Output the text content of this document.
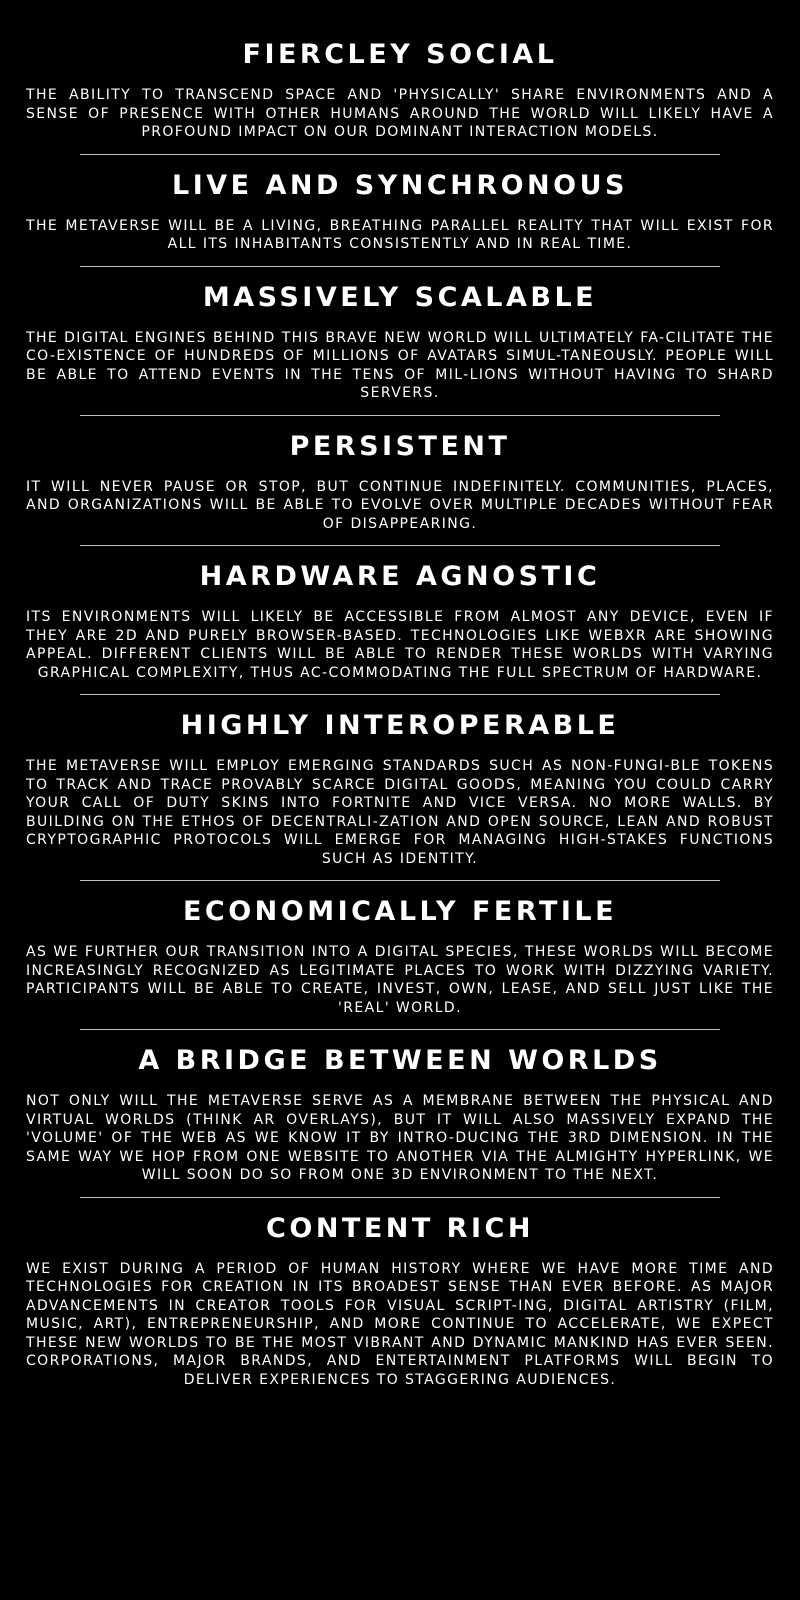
FIERCLEY SOCIAL

THE ABILITY TO TRANSCEND SPACE AND 'PHYSICALLY' SHARE ENVIRONMENTS AND A SENSE OF PRESENCE WITH OTHER HUMANS AROUND THE WORLD WILL LIKELY HAVE A PROFOUND IMPACT ON OUR DOMINANT INTERACTION MODELS.

LIVE AND SYNCHRONOUS

THE METAVERSE WILL BE A LIVING, BREATHING PARALLEL REALITY THAT WILL EXIST FOR ALL ITS INHABITANTS CONSISTENTLY AND IN REAL TIME.

MASSIVELY SCALABLE

THE DIGITAL ENGINES BEHIND THIS BRAVE NEW WORLD WILL ULTIMATELY FA-CILITATE THE CO-EXISTENCE OF HUNDREDS OF MILLIONS OF AVATARS SIMUL-TANEOUSLY. PEOPLE WILL BE ABLE TO ATTEND EVENTS IN THE TENS OF MIL-LIONS WITHOUT HAVING TO SHARD SERVERS.

PERSISTENT

IT WILL NEVER PAUSE OR STOP, BUT CONTINUE INDEFINITELY. COMMUNITIES, PLACES, AND ORGANIZATIONS WILL BE ABLE TO EVOLVE OVER MULTIPLE DECADES WITHOUT FEAR OF DISAPPEARING.

HARDWARE AGNOSTIC

ITS ENVIRONMENTS WILL LIKELY BE ACCESSIBLE FROM ALMOST ANY DEVICE, EVEN IF THEY ARE 2D AND PURELY BROWSER-BASED. TECHNOLOGIES LIKE WEBXR ARE SHOWING APPEAL. DIFFERENT CLIENTS WILL BE ABLE TO RENDER THESE WORLDS WITH VARYING GRAPHICAL COMPLEXITY, THUS AC-COMMODATING THE FULL SPECTRUM OF HARDWARE.

HIGHLY INTEROPERABLE

THE METAVERSE WILL EMPLOY EMERGING STANDARDS SUCH AS NON-FUNGI-BLE TOKENS TO TRACK AND TRACE PROVABLY SCARCE DIGITAL GOODS, MEANING YOU COULD CARRY YOUR CALL OF DUTY SKINS INTO FORTNITE AND VICE VERSA. NO MORE WALLS. BY BUILDING ON THE ETHOS OF DECENTRALI-ZATION AND OPEN SOURCE, LEAN AND ROBUST CRYPTOGRAPHIC PROTOCOLS WILL EMERGE FOR MANAGING HIGH-STAKES FUNCTIONS SUCH AS IDENTITY.

ECONOMICALLY FERTILE

AS WE FURTHER OUR TRANSITION INTO A DIGITAL SPECIES, THESE WORLDS WILL BECOME INCREASINGLY RECOGNIZED AS LEGITIMATE PLACES TO WORK WITH DIZZYING VARIETY. PARTICIPANTS WILL BE ABLE TO CREATE, INVEST, OWN, LEASE, AND SELL JUST LIKE THE 'REAL' WORLD.

A BRIDGE BETWEEN WORLDS

NOT ONLY WILL THE METAVERSE SERVE AS A MEMBRANE BETWEEN THE PHYSICAL AND VIRTUAL WORLDS (THINK AR OVERLAYS), BUT IT WILL ALSO MASSIVELY EXPAND THE 'VOLUME' OF THE WEB AS WE KNOW IT BY INTRO-DUCING THE 3RD DIMENSION. IN THE SAME WAY WE HOP FROM ONE WEBSITE TO ANOTHER VIA THE ALMIGHTY HYPERLINK, WE WILL SOON DO SO FROM ONE 3D ENVIRONMENT TO THE NEXT.

CONTENT RICH

WE EXIST DURING A PERIOD OF HUMAN HISTORY WHERE WE HAVE MORE TIME AND TECHNOLOGIES FOR CREATION IN ITS BROADEST SENSE THAN EVER BEFORE. AS MAJOR ADVANCEMENTS IN CREATOR TOOLS FOR VISUAL SCRIPT-ING, DIGITAL ARTISTRY (FILM, MUSIC, ART), ENTREPRENEURSHIP, AND MORE CONTINUE TO ACCELERATE, WE EXPECT THESE NEW WORLDS TO BE THE MOST VIBRANT AND DYNAMIC MANKIND HAS EVER SEEN. CORPORATIONS, MAJOR BRANDS, AND ENTERTAINMENT PLATFORMS WILL BEGIN TO DELIVER EXPERIENCES TO STAGGERING AUDIENCES.
